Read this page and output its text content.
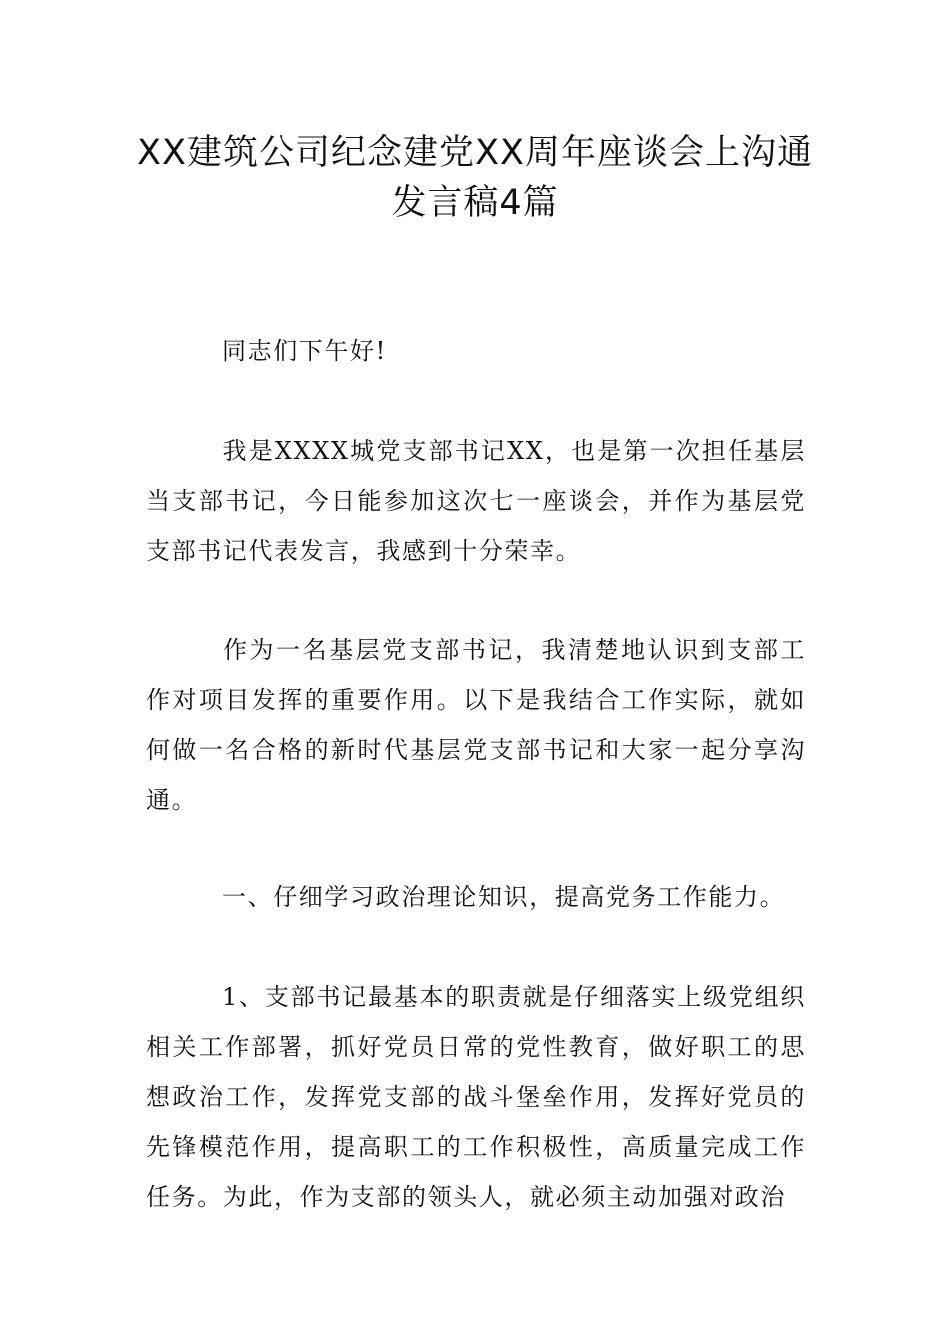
XX建筑公司纪念建党XX周年座谈会上沟通
发言稿4篇

同志们下午好!

我是XXXX城党支部书记XX，也是第一次担任基层当支部书记，今日能参加这次七一座谈会，并作为基层党支部书记代表发言，我感到十分荣幸。

作为一名基层党支部书记，我清楚地认识到支部工作对项目发挥的重要作用。以下是我结合工作实际，就如何做一名合格的新时代基层党支部书记和大家一起分享沟通。

一、仔细学习政治理论知识，提高党务工作能力。

1、支部书记最基本的职责就是仔细落实上级党组织相关工作部署，抓好党员日常的党性教育，做好职工的思想政治工作，发挥党支部的战斗堡垒作用，发挥好党员的先锋模范作用，提高职工的工作积极性，高质量完成工作任务。为此，作为支部的领头人，就必须主动加强对政治
